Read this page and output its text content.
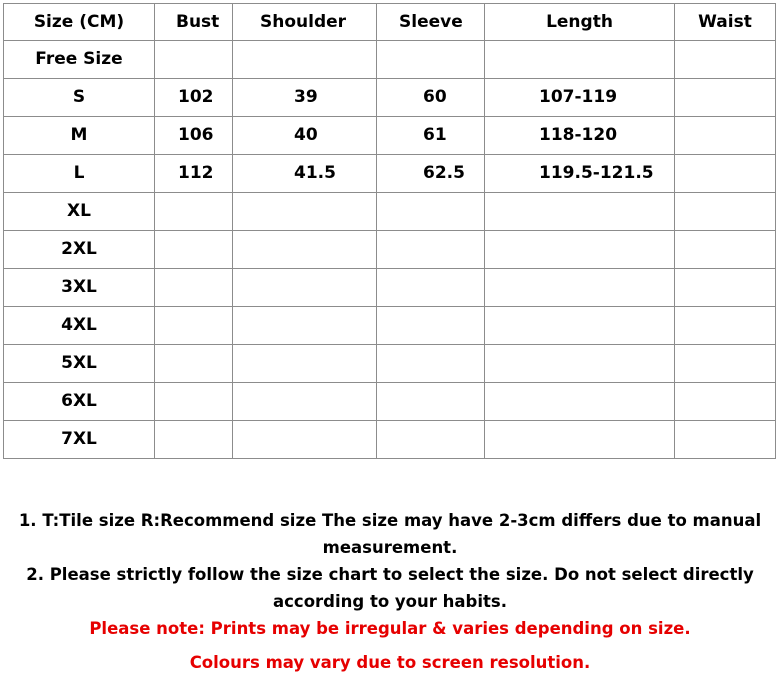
Size (CM)	Bust	Shoulder	Sleeve	Length	Waist
Free Size					
S	102	39	60	107-119	
M	106	40	61	118-120	
L	112	41.5	62.5	119.5-121.5	
XL					
2XL					
3XL					
4XL					
5XL					
6XL					
7XL					
1. T:Tile size R:Recommend size The size may have 2-3cm differs due to manual
measurement.
2. Please strictly follow the size chart to select the size. Do not select directly
according to your habits.
Please note: Prints may be irregular & varies depending on size.
Colours may vary due to screen resolution.
